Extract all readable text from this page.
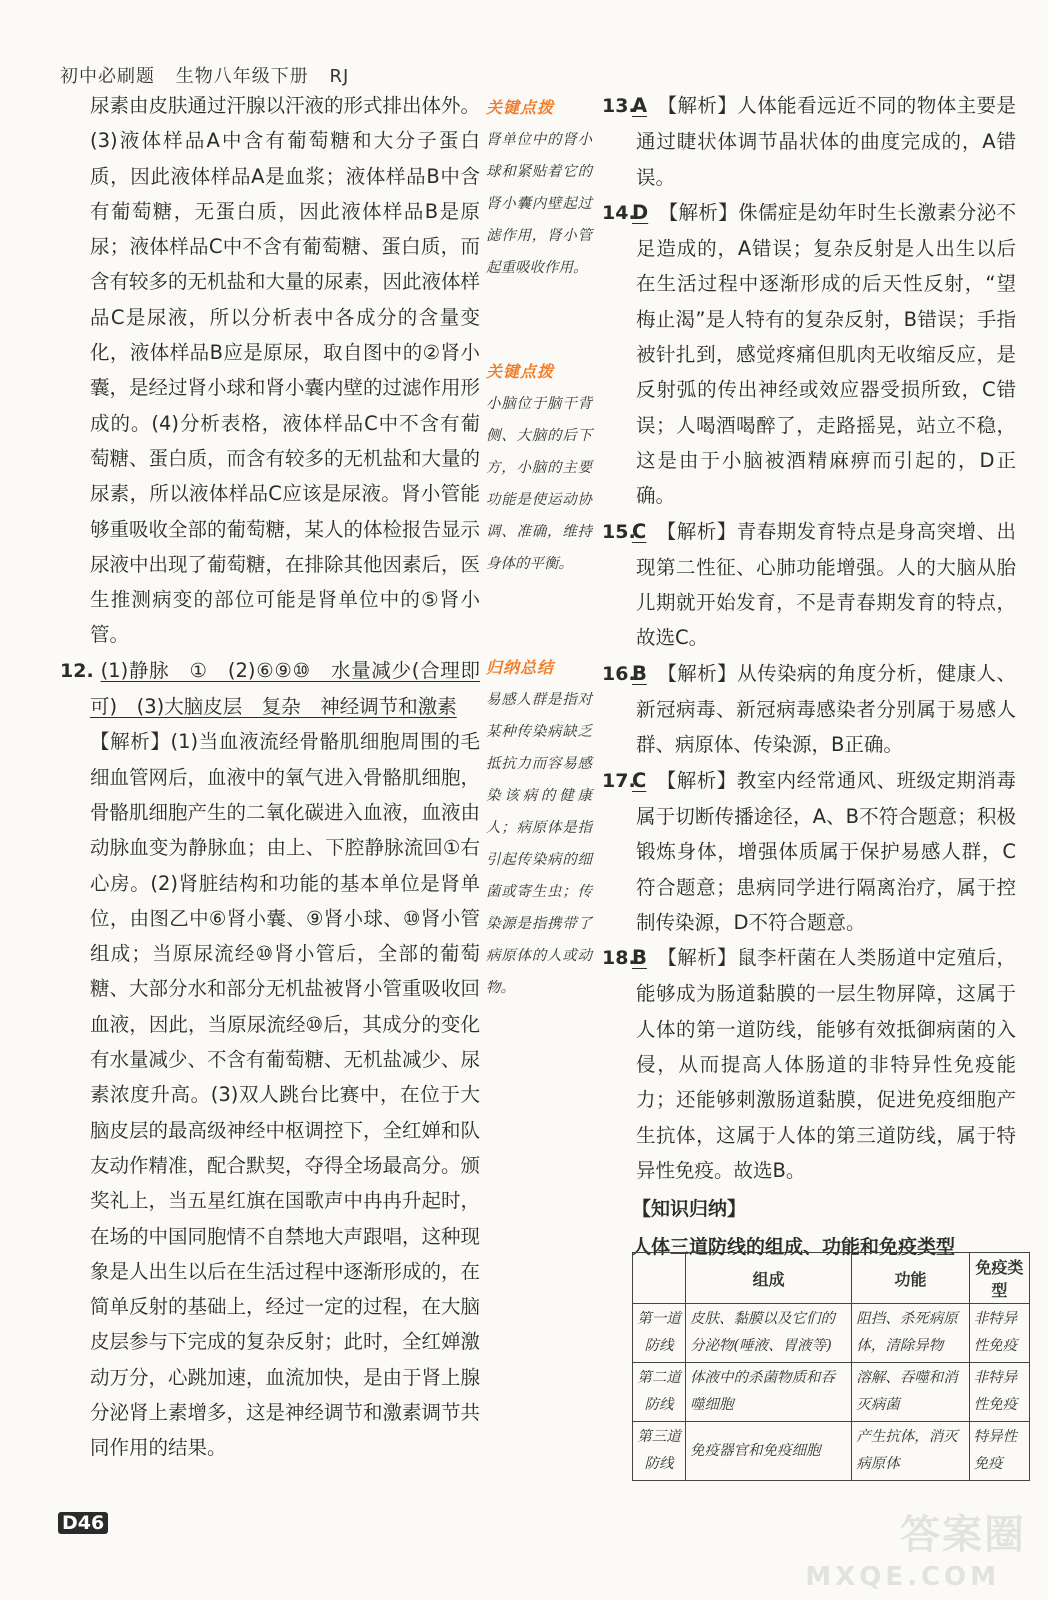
初中必刷题 生物八年级下册 RJ

尿素由皮肤通过汗腺以汗液的形式排出体外。(3)液体样品A中含有葡萄糖和大分子蛋白质，因此液体样品A是血浆；液体样品B中含有葡萄糖，无蛋白质，因此液体样品B是原尿；液体样品C中不含有葡萄糖、蛋白质，而含有较多的无机盐和大量的尿素，因此液体样品C是尿液，所以分析表中各成分的含量变化，液体样品B应是原尿，取自图中的②肾小囊，是经过肾小球和肾小囊内壁的过滤作用形成的。(4)分析表格，液体样品C中不含有葡萄糖、蛋白质，而含有较多的无机盐和大量的尿素，所以液体样品C应该是尿液。肾小管能够重吸收全部的葡萄糖，某人的体检报告显示尿液中出现了葡萄糖，在排除其他因素后，医生推测病变的部位可能是肾单位中的⑤肾小管。

12. (1)静脉　①　(2)⑥⑨⑩　水量减少(合理即可)　(3)大脑皮层　复杂　神经调节和激素

【解析】(1)当血液流经骨骼肌细胞周围的毛细血管网后，血液中的氧气进入骨骼肌细胞，骨骼肌细胞产生的二氧化碳进入血液，血液由动脉血变为静脉血；由上、下腔静脉流回①右心房。(2)肾脏结构和功能的基本单位是肾单位，由图乙中⑥肾小囊、⑨肾小球、⑩肾小管组成；当原尿流经⑩肾小管后，全部的葡萄糖、大部分水和部分无机盐被肾小管重吸收回血液，因此，当原尿流经⑩后，其成分的变化有水量减少、不含有葡萄糖、无机盐减少、尿素浓度升高。(3)双人跳台比赛中，在位于大脑皮层的最高级神经中枢调控下，全红婵和队友动作精准，配合默契，夺得全场最高分。颁奖礼上，当五星红旗在国歌声中冉冉升起时，在场的中国同胞情不自禁地大声跟唱，这种现象是人出生以后在生活过程中逐渐形成的，在简单反射的基础上，经过一定的过程，在大脑皮层参与下完成的复杂反射；此时，全红婵激动万分，心跳加速，血流加快，是由于肾上腺分泌肾上素增多，这是神经调节和激素调节共同作用的结果。

关键点拨

肾单位中的肾小球和紧贴着它的肾小囊内壁起过滤作用，肾小管起重吸收作用。

关键点拨

小脑位于脑干背侧、大脑的后下方，小脑的主要功能是使运动协调、准确，维持身体的平衡。

归纳总结

易感人群是指对某种传染病缺乏抵抗力而容易感染该病的健康人；病原体是指引起传染病的细菌或寄生虫；传染源是指携带了病原体的人或动物。

13.A 【解析】人体能看远近不同的物体主要是通过睫状体调节晶状体的曲度完成的，A错误。

14.D 【解析】侏儒症是幼年时生长激素分泌不足造成的，A错误；复杂反射是人出生以后在生活过程中逐渐形成的后天性反射，“望梅止渴”是人特有的复杂反射，B错误；手指被针扎到，感觉疼痛但肌肉无收缩反应，是反射弧的传出神经或效应器受损所致，C错误；人喝酒喝醉了，走路摇晃，站立不稳，这是由于小脑被酒精麻痹而引起的，D正确。

15.C 【解析】青春期发育特点是身高突增、出现第二性征、心肺功能增强。人的大脑从胎儿期就开始发育，不是青春期发育的特点，故选C。

16.B 【解析】从传染病的角度分析，健康人、新冠病毒、新冠病毒感染者分别属于易感人群、病原体、传染源，B正确。

17.C 【解析】教室内经常通风、班级定期消毒属于切断传播途径，A、B不符合题意；积极锻炼身体，增强体质属于保护易感人群，C符合题意；患病同学进行隔离治疗，属于控制传染源，D不符合题意。

18.B 【解析】鼠李杆菌在人类肠道中定殖后，能够成为肠道黏膜的一层生物屏障，这属于人体的第一道防线，能够有效抵御病菌的入侵，从而提高人体肠道的非特异性免疫能力；还能够刺激肠道黏膜，促进免疫细胞产生抗体，这属于人体的第三道防线，属于特异性免疫。故选B。

【知识归纳】
人体三道防线的组成、功能和免疫类型
	组成	功能	免疫类型
第一道防线	皮肤、黏膜以及它们的分泌物(唾液、胃液等)	阻挡、杀死病原体，清除异物	非特异性免疫
第二道防线	体液中的杀菌物质和吞噬细胞	溶解、吞噬和消灭病菌	非特异性免疫
第三道防线	免疫器官和免疫细胞	产生抗体，消灭病原体	特异性免疫
D46	答案圈
MXQE.COM
